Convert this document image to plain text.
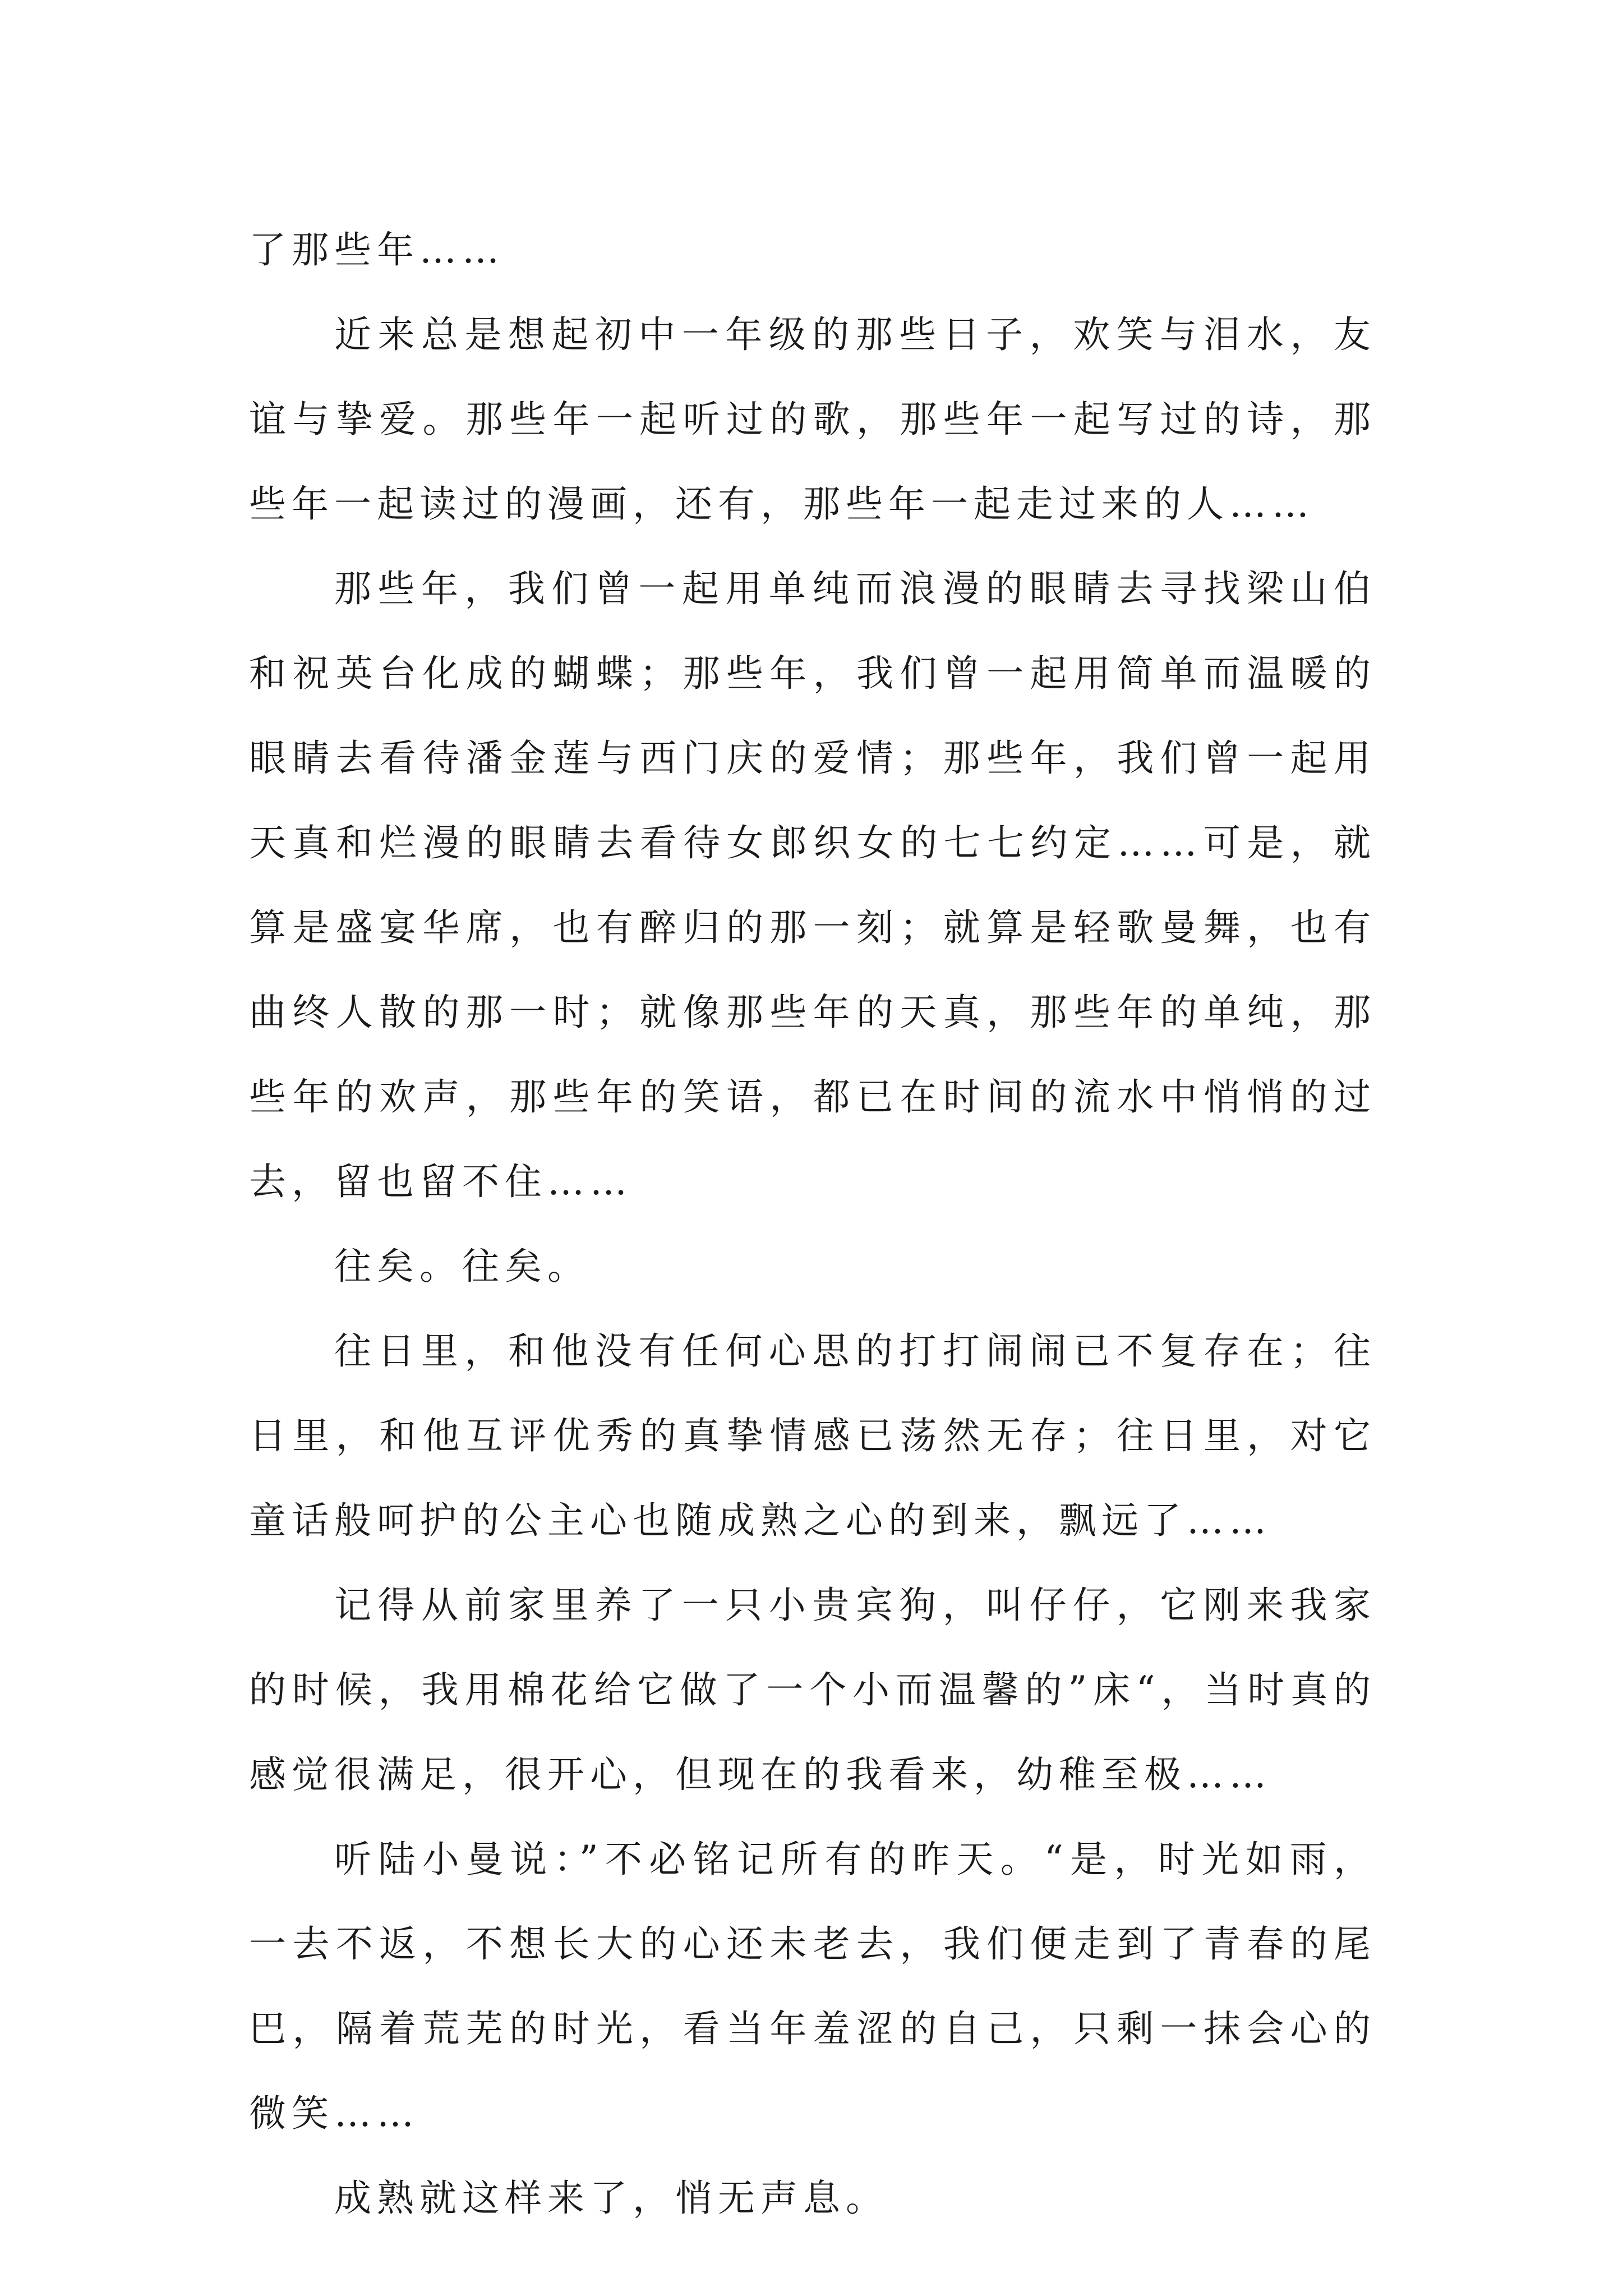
了那些年……

近来总是想起初中一年级的那些日子，欢笑与泪水，友谊与挚爱。那些年一起听过的歌，那些年一起写过的诗，那些年一起读过的漫画，还有，那些年一起走过来的人……

那些年，我们曾一起用单纯而浪漫的眼睛去寻找梁山伯和祝英台化成的蝴蝶；那些年，我们曾一起用简单而温暖的眼睛去看待潘金莲与西门庆的爱情；那些年，我们曾一起用天真和烂漫的眼睛去看待女郎织女的七七约定……可是，就算是盛宴华席，也有醉归的那一刻；就算是轻歌曼舞，也有曲终人散的那一时；就像那些年的天真，那些年的单纯，那些年的欢声，那些年的笑语，都已在时间的流水中悄悄的过去，留也留不住……

往矣。往矣。

往日里，和他没有任何心思的打打闹闹已不复存在；往日里，和他互评优秀的真挚情感已荡然无存；往日里，对它童话般呵护的公主心也随成熟之心的到来，飘远了……

记得从前家里养了一只小贵宾狗，叫仔仔，它刚来我家的时候，我用棉花给它做了一个小而温馨的”床“，当时真的感觉很满足，很开心，但现在的我看来，幼稚至极……

听陆小曼说：”不必铭记所有的昨天。“是，时光如雨，一去不返，不想长大的心还未老去，我们便走到了青春的尾巴，隔着荒芜的时光，看当年羞涩的自己，只剩一抹会心的微笑……

成熟就这样来了，悄无声息。
